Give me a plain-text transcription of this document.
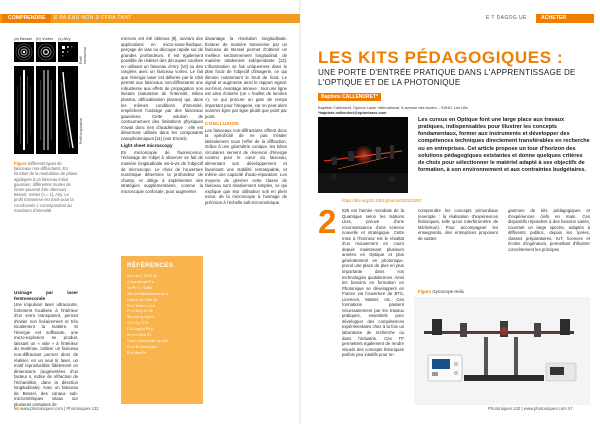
COMPRENDRE	E PA EAU NON D FFRA TANT
(a) Bessel (b) Vortex (c) Airy
Profil transversal
Profil longitudinal
Figure Différents types de faisceaux non-diffractants. En fonction de la modulation de phase appliquée à un faisceau initial gaussien, différentes modes de forme peuvent être obtenues : Bessel, Vortex (n = 1), Airy. Le profil transverse est tracé pour la coordonnée z correspondant au maximum d'intensité.
Usinage par laser femtoseconde

Une impulsion laser ultracourte, fortement focalisée à l'intérieur d'un verre transparent, permet d'initier non linéairement et très localement la matière. Si l'énergie est suffisante, une micro-explosion se produit, laissant un « vide » à l'intérieur du matériau. Utiliser un faisceau non-diffractant permet alors de réaliser, en un seul tir laser, un motif reproductible fidèlement en dimensions (augmentées d'un facteur n, indice de réfraction de l'échantillon, dans la direction longitudinale). Avec un faisceau de Bessel, des canaux sub-micrométriques vitaux sur plusieurs centaines de

microns ont été obtenus [9], ouvrant des applications en micro-nano-fluidique, perçage de vias ou découpe rapide sur de grandes profondeurs. Il est également possible de réaliser des découpes courbes en utilisant un faisceau d'Airy [10] ou des rangées avec un faisceau vortex. Le fait que l'énergie laser est délivrée par le côté permet aux faisceaux non-diffractants une robustesse aux effets de propagation non linéaire (saturation de l'intensité, milieu plasma, défocalisation plasma) qui, dans les mêmes conditions d'intensité, empêchent l'usinage par des faisceaux gaussiens. Cette solution de contournement des limitations physiques n'avait donc rien d'académique : elle est désormais utilisée dans les composants nanophotoniques [11] (voir Encart).

Light sheet microscopy

En microscopie de fluorescence, l'éclairage de l'objet à observer se fait de manière longitudinale vis-à-vis de l'objectif de microscope. Le choix de l'ouverture numérique détermine la profondeur de champ, et oblige à implémenter des stratégies supplémentaires, comme la microscopie confocale, pour augmenter

davantage la résolution longitudinale. Éclairer de manière transverse par un faisceau de Bessel permet d'obtenir un meilleur sectionnement longitudinal, de manière totalement indépendante [12]. L'illumination se fait uniquement dans le plan focal de l'objectif d'imagerie, ce qui élimine notamment le bruit de fond. Le signal et augmente ainsi le rapport signal-sur-bruit. Avantage annexe : tout une ligne est ainsi éclairée (un « feuillet de lumière »), ce qui procure un gain de temps important pour l'imagerie, car on peut alors scanner ligne par ligne plutôt que point par point.

CONCLUSION

Les faisceaux non-diffractants offrent donc la spécificité de ne pas s'étaler latéralement sous l'effet de la diffraction. Grâce à une géométrie conique, les lobes circulaires servent de réservoir d'énergie continu pour le cœur du faisceau, alimentant son développement et favorisant une stabilité remarquable, et même une capacité d'auto-réparation. Les moyens de générer cette classe de faisceau sont relativement simples, ce qui explique que leur utilisation soit en plein essor, de la microscopie à l'usinage de précision à l'échelle sub-micrométrique.

RÉFÉRENCES
Dur r ch J. Ph R 84
n Journal opt R e
Yo Ph i L r 1984
Van ch Mathematical Op n
Leac ul Sc i Rev 16
Ph o Techn L s 19
Pi l ri Ed p ch 25
Ra r aur ty Opt M
ch i I A p l P A
C A l Ingold Ph p
Kr m s Sens Ph
Cour l commercial Op rmn
R s e B chelat ppl h
R ch Bes Ph
56 www.photoniques.com | Photoniques 132
E T DAGOG UE	ACHETER
LES KITS PÉDAGOGIQUES :
UNE PORTE D'ENTRÉE PRATIQUE DANS L'APPRENTISSAGE DE L'OPTIQUE ET DE LA PHOTONIQUE
Baptiste CALLENDRET*
Baptiste Callendret, Optoon Laser International, 8 avenue des Andes – 91940, Les Ulis
*baptiste.callendret@optonlaser.com
Les cursus en Optique font une large place aux travaux pratiques, indispensables pour illustrer les concepts fondamentaux, former aux instruments et développer des compétences techniques directement transférables en recherche ou en entreprises. Cet article propose un tour d'horizon des solutions pédagogiques existantes et donne quelques critères de choix pour sélectionner le matériel adapté à ses objectifs de formation, à son environnement et aux contraintes budgétaires.
https://doi.org/10.1051/photon/202513257
2 025 est l'année mondiale de la Quantique selon les Nations Unis, preuve d'une reconnaissance d'une science nouvelle et stratégique. Cette mise à l'honneur est le résultat d'un mouvement en cours depuis maintenant plusieurs années en Optique et plus généralement en photonique, prend une place de plus en plus importante dans nos technologies quotidiennes. Ainsi les besoins en formation en Photonique se développent en France via l'ouverture de BTS, Licences, Master, etc. Ces formations passent nécessairement par les travaux pratiques, essentiels pour développer des compétences expérimentales chez à la fois un laboratoire de recherche ou dans l'industrie. Ces TP permettent également de rendre visuels des concepts théoriques parfois peu intuitifs pour en

comprendre les concepts primordiaux (exemple : la réalisation d'expériences historiques, telle qu'un interféromètre de Michelson). Pour accompagner les enseignants, des entreprises proposent de vastes

gammes de kits pédagogiques et d'expériences clefs en main. Ces dispositifs répondent à des besoins variés, couvrant un large spectre, adaptés à différents publics, depuis les lycées, classes préparatoires, IUT, licences et écoles d'ingénieurs, permettant d'illustrer concrètement les principes

Figure Gyroscope Helix
Photoniques 132 | www.photoniques.com 57
